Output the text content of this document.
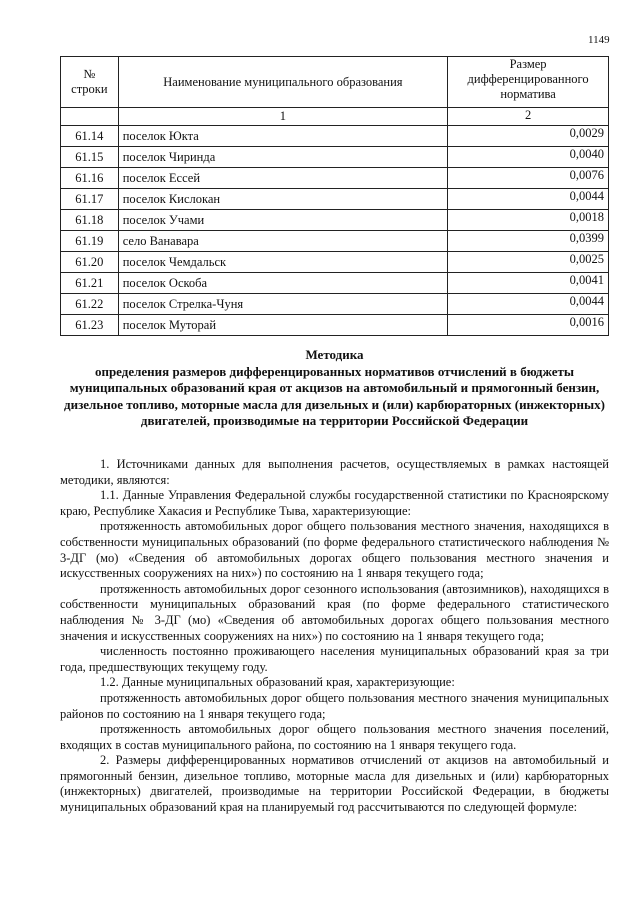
1149
№ строки	Наименование муниципального образования	Размер дифференцированного норматива
	1	2
61.14	поселок Юкта	0,0029
61.15	поселок Чиринда	0,0040
61.16	поселок Ессей	0,0076
61.17	поселок Кислокан	0,0044
61.18	поселок Учами	0,0018
61.19	село Ванавара	0,0399
61.20	поселок Чемдальск	0,0025
61.21	поселок Оскоба	0,0041
61.22	поселок Стрелка-Чуня	0,0044
61.23	поселок Муторай	0,0016
Методика
определения размеров дифференцированных нормативов отчислений в бюджеты муниципальных образований края от акцизов на автомобильный и прямогонный бензин, дизельное топливо, моторные масла для дизельных и (или) карбюраторных (инжекторных) двигателей, производимые на территории Российской Федерации

1. Источниками данных для выполнения расчетов, осуществляемых в рамках настоящей методики, являются:

1.1. Данные Управления Федеральной службы государственной статистики по Красноярскому краю, Республике Хакасия и Республике Тыва, характеризующие:

протяженность автомобильных дорог общего пользования местного значения, находящихся в собственности муниципальных образований (по форме федерального статистического наблюдения № 3-ДГ (мо) «Сведения об автомобильных дорогах общего пользования местного значения и искусственных сооружениях на них») по состоянию на 1 января текущего года;

протяженность автомобильных дорог сезонного использования (автозимников), находящихся в собственности муниципальных образований края (по форме федерального статистического наблюдения № 3-ДГ (мо) «Сведения об автомобильных дорогах общего пользования местного значения и искусственных сооружениях на них») по состоянию на 1 января текущего года;

численность постоянно проживающего населения муниципальных образований края за три года, предшествующих текущему году.

1.2. Данные муниципальных образований края, характеризующие:

протяженность автомобильных дорог общего пользования местного значения муниципальных районов по состоянию на 1 января текущего года;

протяженность автомобильных дорог общего пользования местного значения поселений, входящих в состав муниципального района, по состоянию на 1 января текущего года.

2. Размеры дифференцированных нормативов отчислений от акцизов на автомобильный и прямогонный бензин, дизельное топливо, моторные масла для дизельных и (или) карбюраторных (инжекторных) двигателей, производимые на территории Российской Федерации, в бюджеты муниципальных образований края на планируемый год рассчитываются по следующей формуле:
